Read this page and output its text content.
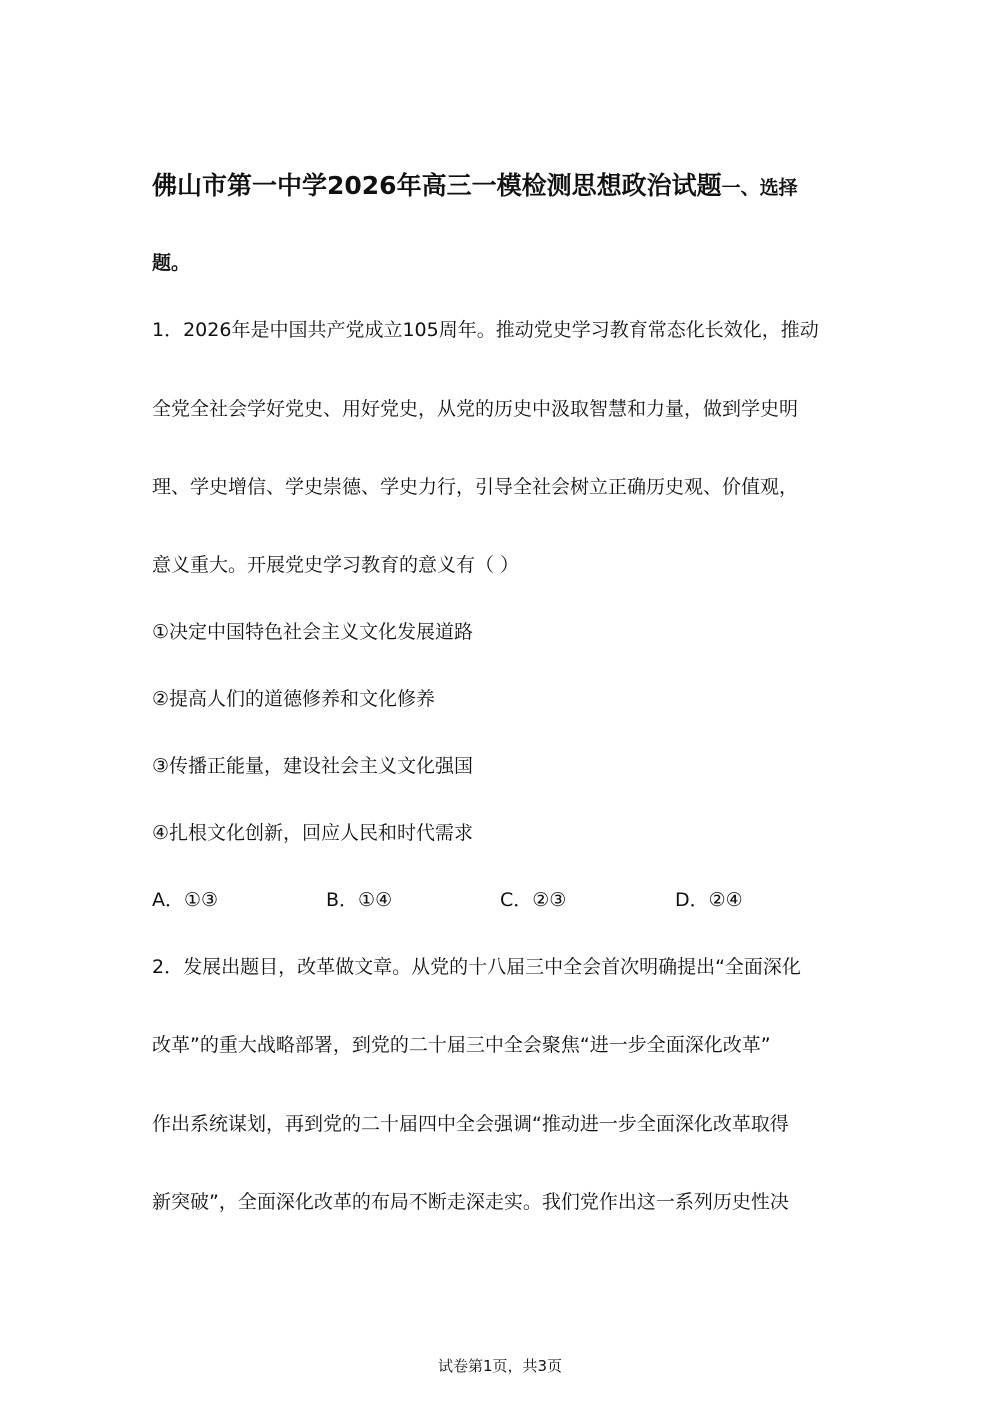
佛山市第一中学2026年高三一模检测思想政治试题一、选择
题。
1．2026年是中国共产党成立105周年。推动党史学习教育常态化长效化，推动
全党全社会学好党史、用好党史，从党的历史中汲取智慧和力量，做到学史明
理、学史增信、学史崇德、学史力行，引导全社会树立正确历史观、价值观，
意义重大。开展党史学习教育的意义有（ ）
①决定中国特色社会主义文化发展道路
②提高人们的道德修养和文化修养
③传播正能量，建设社会主义文化强国
④扎根文化创新，回应人民和时代需求
A．①③	B．①④	C．②③	D．②④
2．发展出题目，改革做文章。从党的十八届三中全会首次明确提出“全面深化
改革”的重大战略部署，到党的二十届三中全会聚焦“进一步全面深化改革”
作出系统谋划，再到党的二十届四中全会强调“推动进一步全面深化改革取得
新突破”，全面深化改革的布局不断走深走实。我们党作出这一系列历史性决
试卷第1页，共3页
